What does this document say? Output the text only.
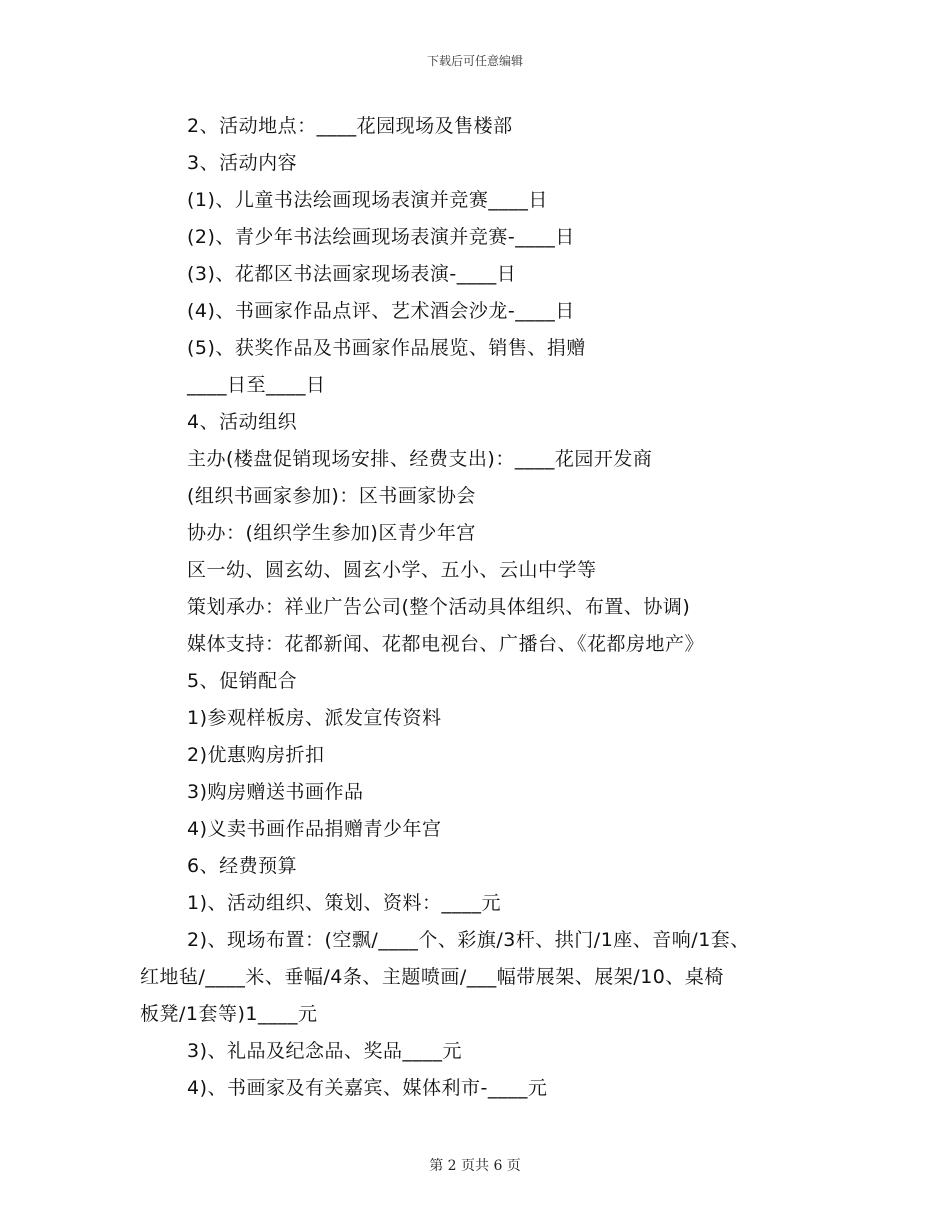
下载后可任意编辑
2、活动地点：____花园现场及售楼部
3、活动内容
(1)、儿童书法绘画现场表演并竞赛____日
(2)、青少年书法绘画现场表演并竞赛-____日
(3)、花都区书法画家现场表演-____日
(4)、书画家作品点评、艺术酒会沙龙-____日
(5)、获奖作品及书画家作品展览、销售、捐赠
____日至____日
4、活动组织
主办(楼盘促销现场安排、经费支出)：____花园开发商
(组织书画家参加)：区书画家协会
协办：(组织学生参加)区青少年宫
区一幼、圆玄幼、圆玄小学、五小、云山中学等
策划承办：祥业广告公司(整个活动具体组织、布置、协调)
媒体支持：花都新闻、花都电视台、广播台、《花都房地产》
5、促销配合
1)参观样板房、派发宣传资料
2)优惠购房折扣
3)购房赠送书画作品
4)义卖书画作品捐赠青少年宫
6、经费预算
1)、活动组织、策划、资料：____元
2)、现场布置：(空飘/____个、彩旗/3杆、拱门/1座、音响/1套、
红地毡/____米、垂幅/4条、主题喷画/___幅带展架、展架/10、桌椅
板凳/1套等)1____元
3)、礼品及纪念品、奖品____元
4)、书画家及有关嘉宾、媒体利市-____元
第 2 页共 6 页
